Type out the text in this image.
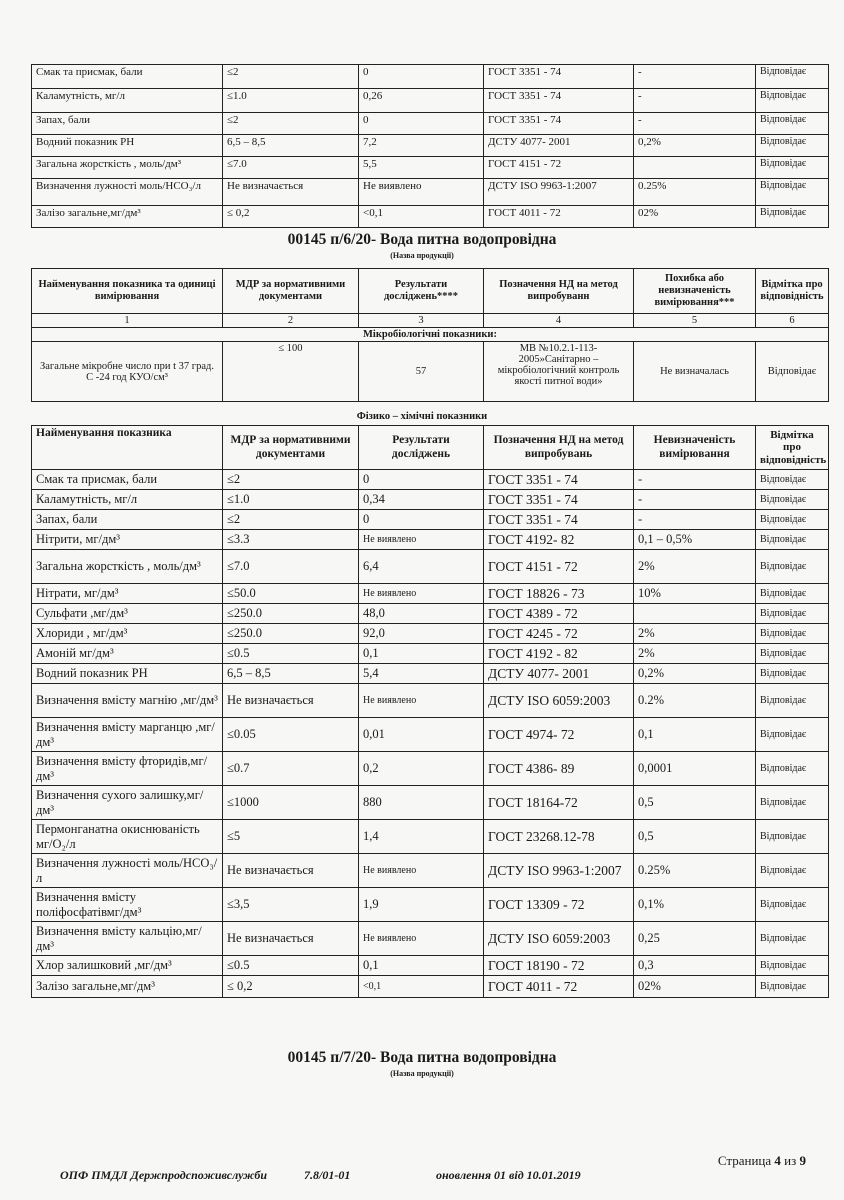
Смак та присмак, бали	≤2	0	ГОСТ 3351 - 74	-	Відповідає
Каламутність, мг/л	≤1.0	0,26	ГОСТ 3351 - 74	-	Відповідає
Запах, бали	≤2	0	ГОСТ 3351 - 74	-	Відповідає
Водний показник РН	6,5 – 8,5	7,2	ДСТУ 4077- 2001	0,2%	Відповідає
Загальна жорсткість , моль/дм³	≤7.0	5,5	ГОСТ 4151 - 72		Відповідає
Визначення лужності моль/НСО₃/л	Не визначається	Не виявлено	ДСТУ ISO 9963-1:2007	0.25%	Відповідає
Залізо загальне,мг/дм³	≤ 0,2	<0,1	ГОСТ 4011 - 72	02%	Відповідає
00145 п/6/20- Вода питна водопровідна
(Назва продукції)
Найменування показника та одиниці вимірювання	МДР за нормативними документами	Результати досліджень****	Позначення НД на метод випробуванн	Похибка або невизначеність вимірювання***	Відмітка про відповідність
1	2	3	4	5	6
Мікробіологічні показники:					
Загальне мікробне число при t 37 град. С -24 год КУО/см³	≤ 100	57	МВ №10.2.1-113-2005»Санітарно – мікробіологічний контроль якості питної води»	Не визначалась	Відповідає
Фізико – хімічні показники
Найменування показника	МДР за нормативними документами	Результати досліджень	Позначення НД на метод випробувань	Невизначеність вимірювання	Відмітка про відповідність
Смак та присмак, бали	≤2	0	ГОСТ 3351 - 74	-	Відповідає
Каламутність, мг/л	≤1.0	0,34	ГОСТ 3351 - 74	-	Відповідає
Запах, бали	≤2	0	ГОСТ 3351 - 74	-	Відповідає
Нітрити, мг/дм³	≤3.3	Не виявлено	ГОСТ 4192- 82	0,1 – 0,5%	Відповідає
Загальна жорсткість , моль/дм³	≤7.0	6,4	ГОСТ 4151 - 72	2%	Відповідає
Нітрати, мг/дм³	≤50.0	Не виявлено	ГОСТ 18826 - 73	10%	Відповідає
Сульфати ,мг/дм³	≤250.0	48,0	ГОСТ 4389 - 72		Відповідає
Хлориди , мг/дм³	≤250.0	92,0	ГОСТ 4245 - 72	2%	Відповідає
Амоній мг/дм³	≤0.5	0,1	ГОСТ 4192 - 82	2%	Відповідає
Водний показник РН	6,5 – 8,5	5,4	ДСТУ 4077- 2001	0,2%	Відповідає
Визначення вмісту магнію ,мг/дм³	Не визначається	Не виявлено	ДСТУ ISO 6059:2003	0.2%	Відповідає
Визначення вмісту марганцю ,мг/дм³	≤0.05	0,01	ГОСТ 4974- 72	0,1	Відповідає
Визначення вмісту фторидів,мг/дм³	≤0.7	0,2	ГОСТ 4386- 89	0,0001	Відповідає
Визначення сухого залишку,мг/дм³	≤1000	880	ГОСТ 18164-72	0,5	Відповідає
Пермонганатна окиснюваність мг/О₂/л	≤5	1,4	ГОСТ 23268.12-78	0,5	Відповідає
Визначення лужності моль/НСО₃/л	Не визначається	Не виявлено	ДСТУ ISO 9963-1:2007	0.25%	Відповідає
Визначення вмісту поліфосфатівмг/дм³	≤3,5	1,9	ГОСТ 13309 - 72	0,1%	Відповідає
Визначення вмісту кальцію,мг/дм³	Не визначається	Не виявлено	ДСТУ ISO 6059:2003	0,25	Відповідає
Хлор залишковий ,мг/дм³	≤0.5	0,1	ГОСТ 18190 - 72	0,3	Відповідає
Залізо загальне,мг/дм³	≤ 0,2	<0,1	ГОСТ 4011 - 72	02%	Відповідає
00145 п/7/20- Вода питна водопровідна
(Назва продукції)
Страница 4 из 9
ОПФ ПМДЛ Держпродспоживслужби	7.8/01-01	оновлення 01 від 10.01.2019
